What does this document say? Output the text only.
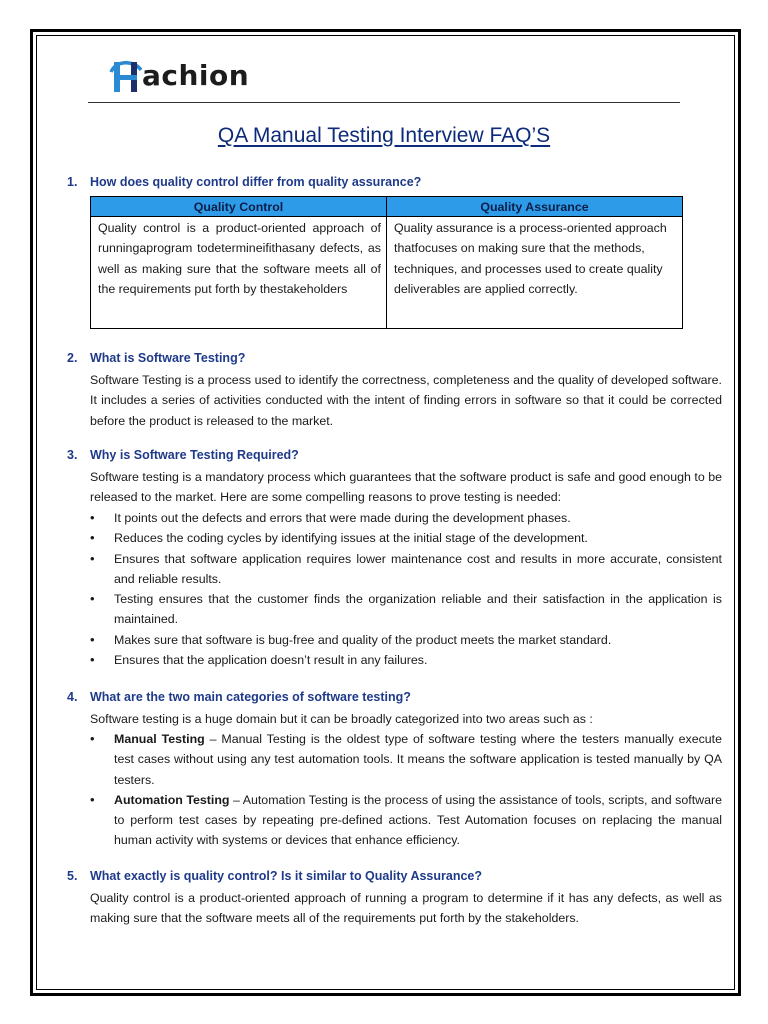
achion
QA Manual Testing Interview FAQ’S
1.	How does quality control differ from quality assurance?
Quality Control	Quality Assurance
Quality control is a product-oriented approach of runningaprogram todetermineifithasany defects, as well as making sure that the software meets all of the requirements put forth by thestakeholders	Quality assurance is a process-oriented approach thatfocuses on making sure that the methods, techniques, and processes used to create quality deliverables are applied correctly.
2.	What is Software Testing?
Software Testing is a process used to identify the correctness, completeness and the quality of developed software. It includes a series of activities conducted with the intent of finding errors in software so that it could be corrected before the product is released to the market.
3.	Why is Software Testing Required?
Software testing is a mandatory process which guarantees that the software product is safe and good enough to be released to the market. Here are some compelling reasons to prove testing is needed:
• It points out the defects and errors that were made during the development phases.
• Reduces the coding cycles by identifying issues at the initial stage of the development.
• Ensures that software application requires lower maintenance cost and results in more accurate, consistent and reliable results.
• Testing ensures that the customer finds the organization reliable and their satisfaction in the application is maintained.
• Makes sure that software is bug-free and quality of the product meets the market standard.
• Ensures that the application doesn’t result in any failures.
4.	What are the two main categories of software testing?
Software testing is a huge domain but it can be broadly categorized into two areas such as :
• Manual Testing – Manual Testing is the oldest type of software testing where the testers manually execute test cases without using any test automation tools. It means the software application is tested manually by QA testers.
• Automation Testing – Automation Testing is the process of using the assistance of tools, scripts, and software to perform test cases by repeating pre-defined actions. Test Automation focuses on replacing the manual human activity with systems or devices that enhance efficiency.
5.	What exactly is quality control? Is it similar to Quality Assurance?
Quality control is a product-oriented approach of running a program to determine if it has any defects, as well as making sure that the software meets all of the requirements put forth by the stakeholders.
